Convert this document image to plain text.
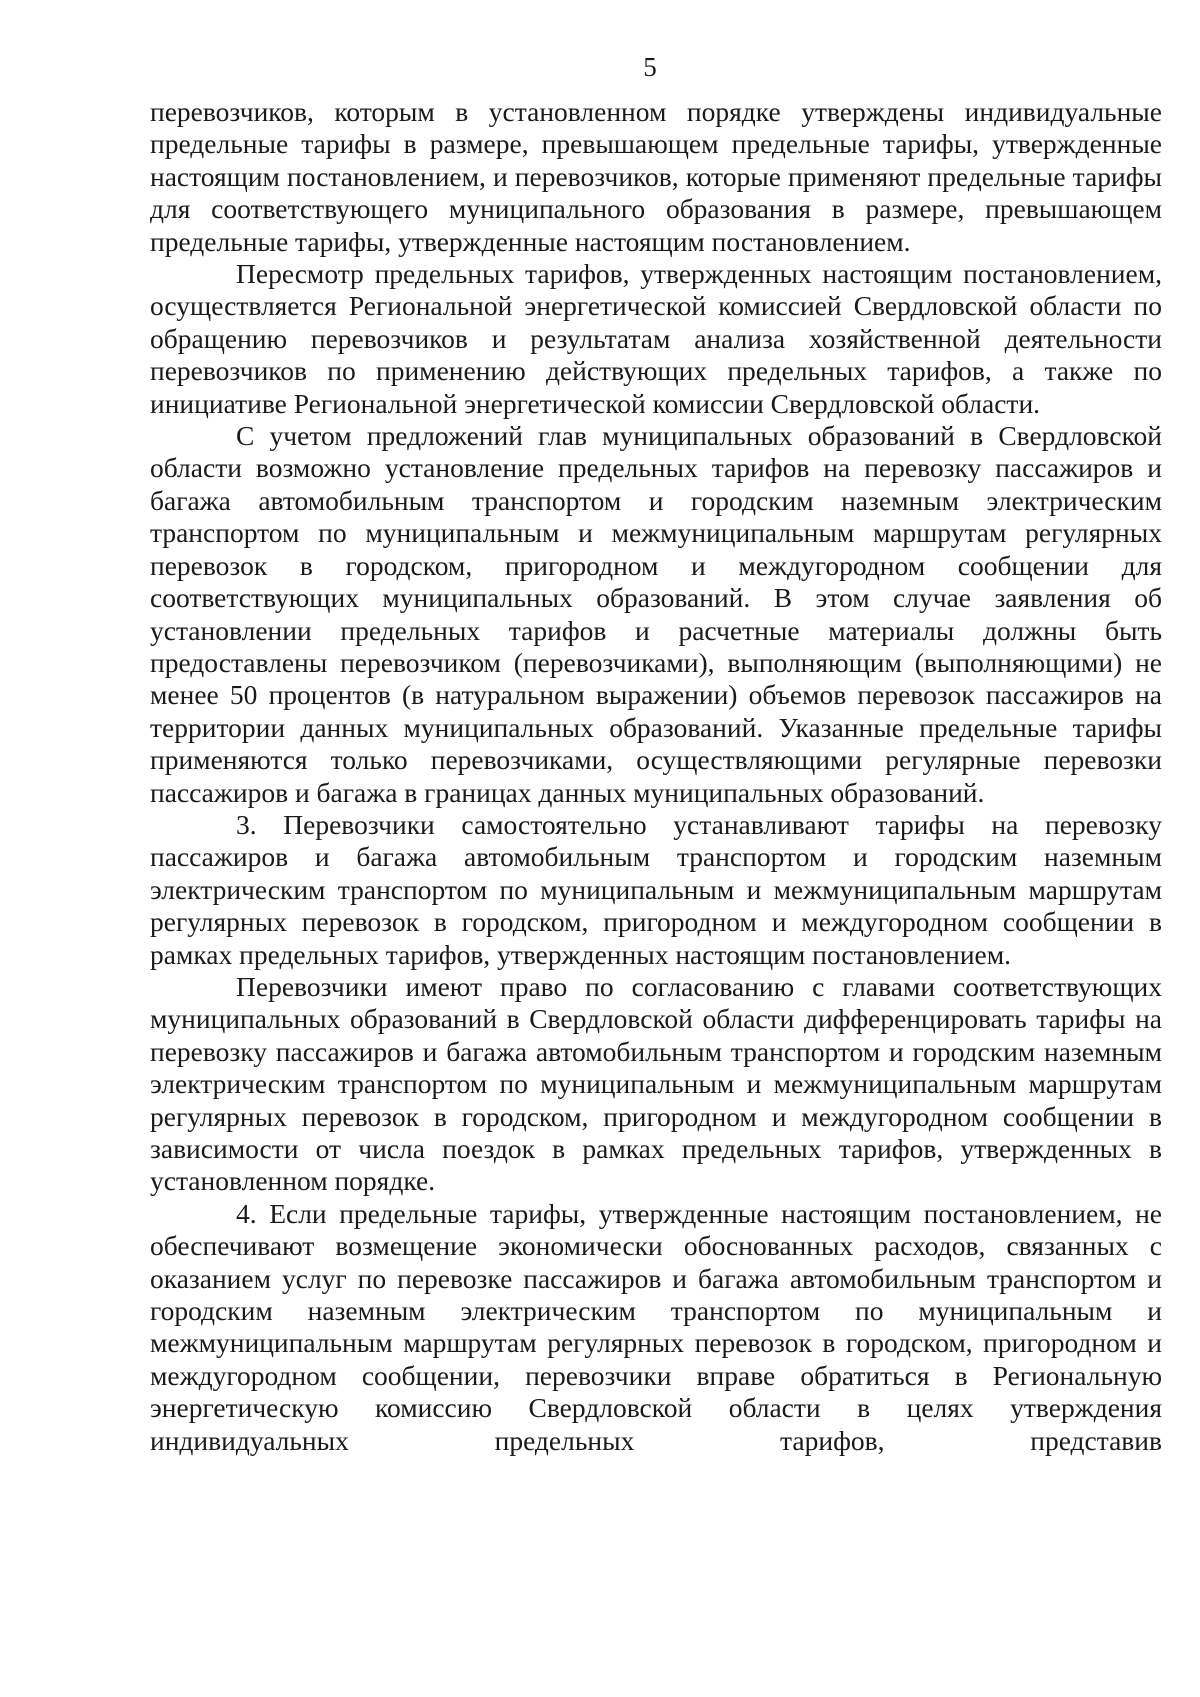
5

перевозчиков, которым в установленном порядке утверждены индивидуальные предельные тарифы в размере, превышающем предельные тарифы, утвержденные настоящим постановлением, и перевозчиков, которые применяют предельные тарифы для соответствующего муниципального образования в размере, превышающем предельные тарифы, утвержденные настоящим постановлением.

Пересмотр предельных тарифов, утвержденных настоящим постановлением, осуществляется Региональной энергетической комиссией Свердловской области по обращению перевозчиков и результатам анализа хозяйственной деятельности перевозчиков по применению действующих предельных тарифов, а также по инициативе Региональной энергетической комиссии Свердловской области.

С учетом предложений глав муниципальных образований в Свердловской области возможно установление предельных тарифов на перевозку пассажиров и багажа автомобильным транспортом и городским наземным электрическим транспортом по муниципальным и межмуниципальным маршрутам регулярных перевозок в городском, пригородном и междугородном сообщении для соответствующих муниципальных образований. В этом случае заявления об установлении предельных тарифов и расчетные материалы должны быть предоставлены перевозчиком (перевозчиками), выполняющим (выполняющими) не менее 50 процентов (в натуральном выражении) объемов перевозок пассажиров на территории данных муниципальных образований. Указанные предельные тарифы применяются только перевозчиками, осуществляющими регулярные перевозки пассажиров и багажа в границах данных муниципальных образований.

3. Перевозчики самостоятельно устанавливают тарифы на перевозку пассажиров и багажа автомобильным транспортом и городским наземным электрическим транспортом по муниципальным и межмуниципальным маршрутам регулярных перевозок в городском, пригородном и междугородном сообщении в рамках предельных тарифов, утвержденных настоящим постановлением.

Перевозчики имеют право по согласованию с главами соответствующих муниципальных образований в Свердловской области дифференцировать тарифы на перевозку пассажиров и багажа автомобильным транспортом и городским наземным электрическим транспортом по муниципальным и межмуниципальным маршрутам регулярных перевозок в городском, пригородном и междугородном сообщении в зависимости от числа поездок в рамках предельных тарифов, утвержденных в установленном порядке.

4. Если предельные тарифы, утвержденные настоящим постановлением, не обеспечивают возмещение экономически обоснованных расходов, связанных с оказанием услуг по перевозке пассажиров и багажа автомобильным транспортом и городским наземным электрическим транспортом по муниципальным и межмуниципальным маршрутам регулярных перевозок в городском, пригородном и междугородном сообщении, перевозчики вправе обратиться в Региональную энергетическую комиссию Свердловской области в целях утверждения индивидуальных предельных тарифов, представив
